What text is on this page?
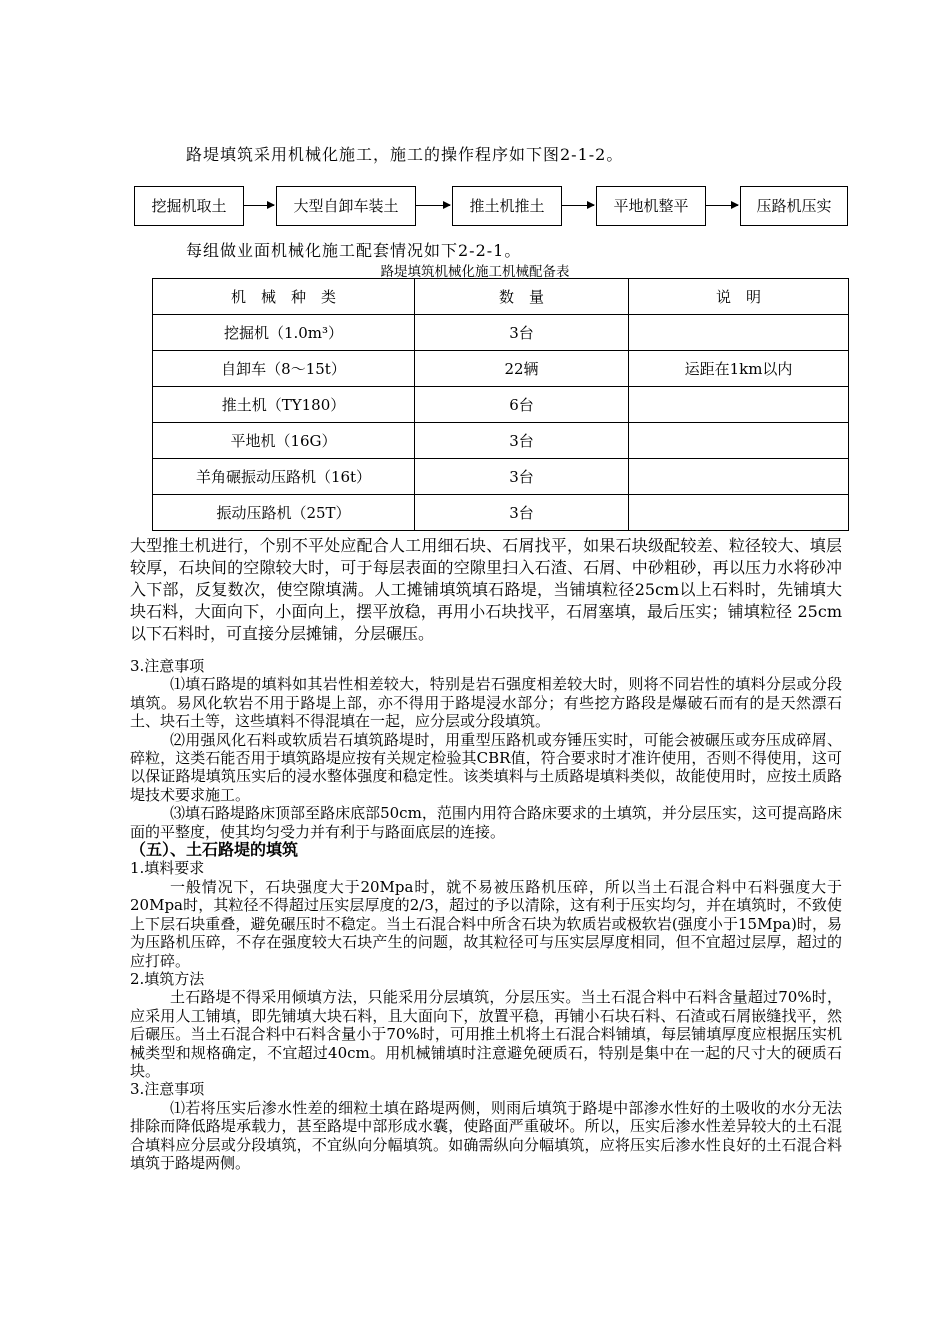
路堤填筑采用机械化施工，施工的操作程序如下图2-1-2。
挖掘机取土	大型自卸车装土	推土机推土	平地机整平	压路机压实
每组做业面机械化施工配套情况如下2-2-1。
路堤填筑机械化施工机械配备表
机　械　种　类	数　量	说　明
挖掘机（1.0m³）	3台	
自卸车（8～15t）	22辆	运距在1km以内
推土机（TY180）	6台	
平地机（16G）	3台	
羊角碾振动压路机（16t）	3台	
振动压路机（25T）	3台	

大型推土机进行，个别不平处应配合人工用细石块、石屑找平，如果石块级配较差、粒径较大、填层较厚，石块间的空隙较大时，可于每层表面的空隙里扫入石渣、石屑、中砂粗砂，再以压力水将砂冲入下部，反复数次，使空隙填满。人工摊铺填筑填石路堤，当铺填粒径25cm以上石料时，先铺填大块石料，大面向下，小面向上，摆平放稳，再用小石块找平，石屑塞填，最后压实；铺填粒径 25cm以下石料时，可直接分层摊铺，分层碾压。

3.注意事项

⑴填石路堤的填料如其岩性相差较大，特别是岩石强度相差较大时，则将不同岩性的填料分层或分段填筑。易风化软岩不用于路堤上部，亦不得用于路堤浸水部分；有些挖方路段是爆破石而有的是天然漂石土、块石土等，这些填料不得混填在一起，应分层或分段填筑。

⑵用强风化石料或软质岩石填筑路堤时，用重型压路机或夯锤压实时，可能会被碾压或夯压成碎屑、碎粒，这类石能否用于填筑路堤应按有关规定检验其CBR值，符合要求时才准许使用，否则不得使用，这可以保证路堤填筑压实后的浸水整体强度和稳定性。该类填料与土质路堤填料类似，故能使用时，应按土质路堤技术要求施工。

⑶填石路堤路床顶部至路床底部50cm，范围内用符合路床要求的土填筑，并分层压实，这可提高路床面的平整度，使其均匀受力并有利于与路面底层的连接。

（五）、土石路堤的填筑

1.填料要求

一般情况下，石块强度大于20Mpa时，就不易被压路机压碎，所以当土石混合料中石料强度大于20Mpa时，其粒径不得超过压实层厚度的2/3，超过的予以清除，这有利于压实均匀，并在填筑时，不致使上下层石块重叠，避免碾压时不稳定。当土石混合料中所含石块为软质岩或极软岩(强度小于15Mpa)时，易为压路机压碎，不存在强度较大石块产生的问题，故其粒径可与压实层厚度相同，但不宜超过层厚，超过的应打碎。

2.填筑方法

土石路堤不得采用倾填方法，只能采用分层填筑，分层压实。当土石混合料中石料含量超过70%时，应采用人工铺填，即先铺填大块石料，且大面向下，放置平稳，再铺小石块石料、石渣或石屑嵌缝找平，然后碾压。当土石混合料中石料含量小于70%时，可用推土机将土石混合料铺填，每层铺填厚度应根据压实机械类型和规格确定，不宜超过40cm。用机械铺填时注意避免硬质石，特别是集中在一起的尺寸大的硬质石块。

3.注意事项

⑴若将压实后渗水性差的细粒土填在路堤两侧，则雨后填筑于路堤中部渗水性好的土吸收的水分无法排除而降低路堤承载力，甚至路堤中部形成水囊，使路面严重破坏。所以，压实后渗水性差异较大的土石混合填料应分层或分段填筑，不宜纵向分幅填筑。如确需纵向分幅填筑，应将压实后渗水性良好的土石混合料填筑于路堤两侧。
